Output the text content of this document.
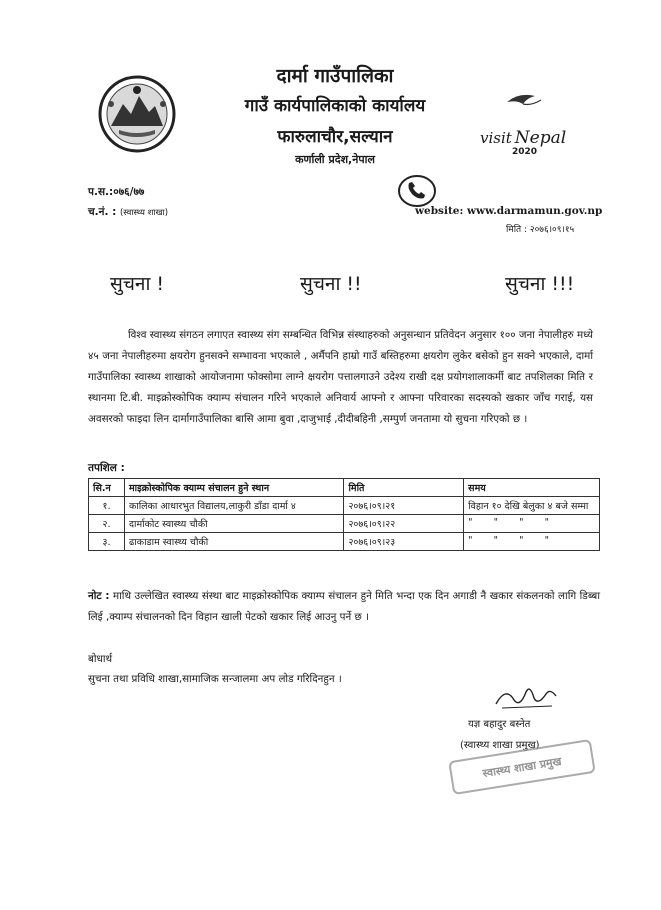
दार्मा गाउँपालिका
गाउँ कार्यपालिकाको कार्यालय
फारुलाचौर,सल्यान
कर्णाली प्रदेश,नेपाल
visit Nepal
2020
प.स.:०७६/७७
च.नं. : (स्वास्थ्य शाखा)	website: www.darmamun.gov.np
मिति : २०७६।०९।१५
सुचना !	सुचना !!	सुचना !!!
विश्व स्वास्थ्य संगठन लगाएत स्वास्थ्य संग सम्बन्धित विभिन्न संस्थाहरुको अनुसन्धान प्रतिवेदन अनुसार १०० जना नेपालीहरु मध्ये ४५ जना नेपालीहरुमा क्षयरोग हुनसक्ने सम्भावना भएकाले , अर्मैपनि हाम्रो गाउँ बस्तिहरुमा क्षयरोग लुकेर बसेको हुन सक्ने भएकाले, दार्मा गाउँपालिका स्वास्थ्य शाखाको आयोजनामा फोक्सोमा लाग्ने क्षयरोग पत्तालगाउने उदेश्य राखी दक्ष प्रयोगशालाकर्मी बाट तपशिलका मिति र स्थानमा टि.बी. माइक्रोस्कोपिक क्याम्प संचालन गरिने भएकाले अनिवार्य आफ्नो र आफ्ना परिवारका सदस्यको खकार जाँच गराई, यस अवसरको फाइदा लिन दार्मागाउँपालिका बासि आमा बुवा ,दाजुभाई ,दीदीबहिनी ,सम्पुर्ण जनतामा यो सुचना गरिएको छ ।
तपशिल :
सि.न	माइक्रोस्कोपिक क्याम्प संचालन हुने स्थान	मिति	समय
१.	कालिका आधारभुत विद्यालय,लाकुरी डाँडा दार्मा ४	२०७६।०९।२१	विहान १० देखि बेलुका ४ बजे सम्मा
२.	दार्माकोट स्वास्थ्य चौकी	२०७६।०९।२२	"       "       "       "
३.	ढाकाडाम स्वास्थ्य चौकी	२०७६।०९।२३	"       "       "       "
नोट : माथि उल्लेखित स्वास्थ्य संस्था बाट माइक्रोस्कोपिक क्याम्प संचालन हुने मिति भन्दा एक दिन अगाडी नै खकार संकलनको लागि डिब्बा लिई ,क्याम्प संचालनको दिन विहान खाली पेटको खकार लिई आउनु पर्ने छ ।
बोधार्थ
सुचना तथा प्रविधि शाखा,सामाजिक सन्जालमा अप लोड गरिदिनहुन ।
यज्ञ बहादुर बस्नेत
(स्वास्थ्य शाखा प्रमुख)
स्वास्थ्य शाखा प्रमुख
